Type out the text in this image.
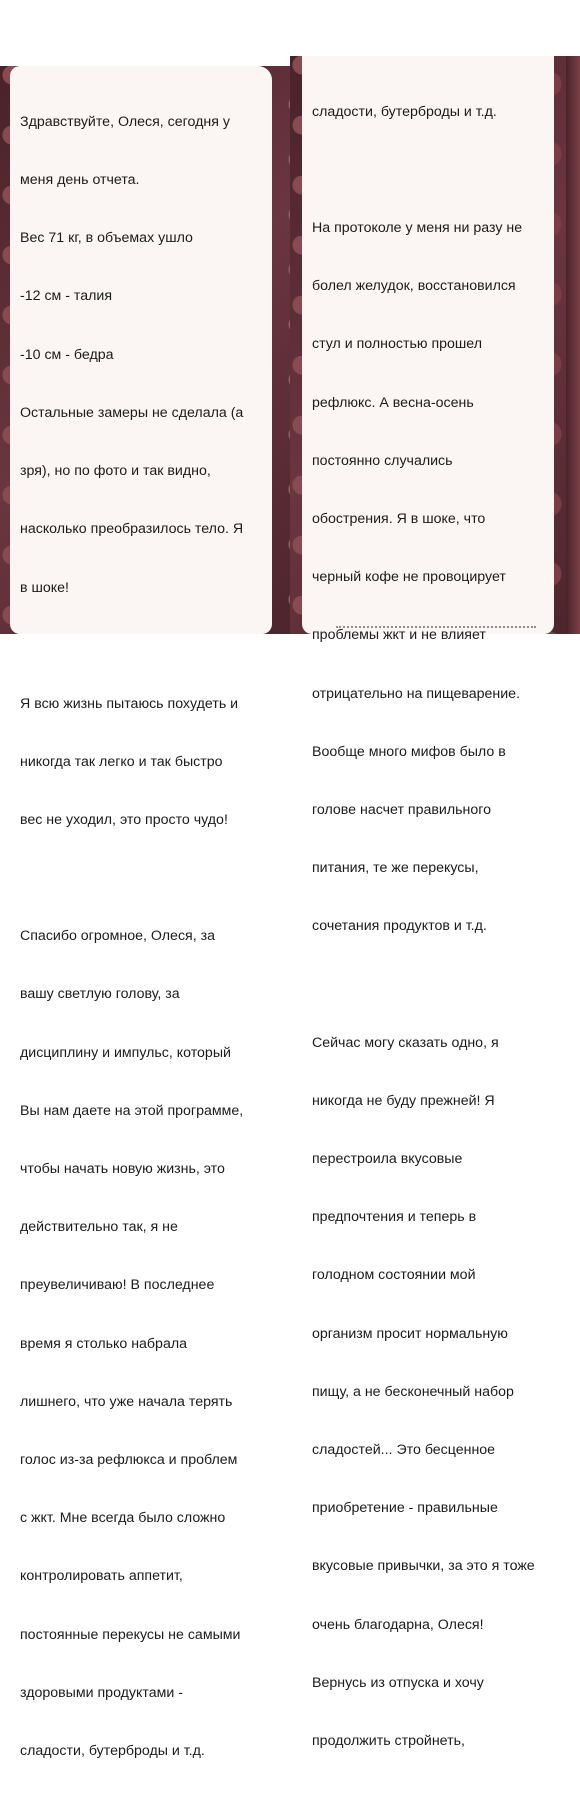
Здравствуйте, Олеся, сегодня у

меня день отчета.

Вес 71 кг, в объемах ушло

-12 см - талия

-10 см - бедра

Остальные замеры не сделала (а

зря), но по фото и так видно,

насколько преобразилось тело. Я

в шоке!

Я всю жизнь пытаюсь похудеть и

никогда так легко и так быстро

вес не уходил, это просто чудо!

Спасибо огромное, Олеся, за

вашу светлую голову, за

дисциплину и импульс, который

Вы нам даете на этой программе,

чтобы начать новую жизнь, это

действительно так, я не

преувеличиваю! В последнее

время я столько набрала

лишнего, что уже начала терять

голос из-за рефлюкса и проблем

с жкт. Мне всегда было сложно

контролировать аппетит,

постоянные перекусы не самыми

здоровыми продуктами -

сладости, бутерброды и т.д.

сладости, бутерброды и т.д.

На протоколе у меня ни разу не

болел желудок, восстановился

стул и полностью прошел

рефлюкс. А весна-осень

постоянно случались

обострения. Я в шоке, что

черный кофе не провоцирует

проблемы жкт и не влияет

отрицательно на пищеварение.

Вообще много мифов было в

голове насчет правильного

питания, те же перекусы,

сочетания продуктов и т.д.

Сейчас могу сказать одно, я

никогда не буду прежней! Я

перестроила вкусовые

предпочтения и теперь в

голодном состоянии мой

организм просит нормальную

пищу, а не бесконечный набор

сладостей... Это бесценное

приобретение - правильные

вкусовые привычки, за это я тоже

очень благодарна, Олеся!

Вернусь из отпуска и хочу

продолжить стройнеть,
